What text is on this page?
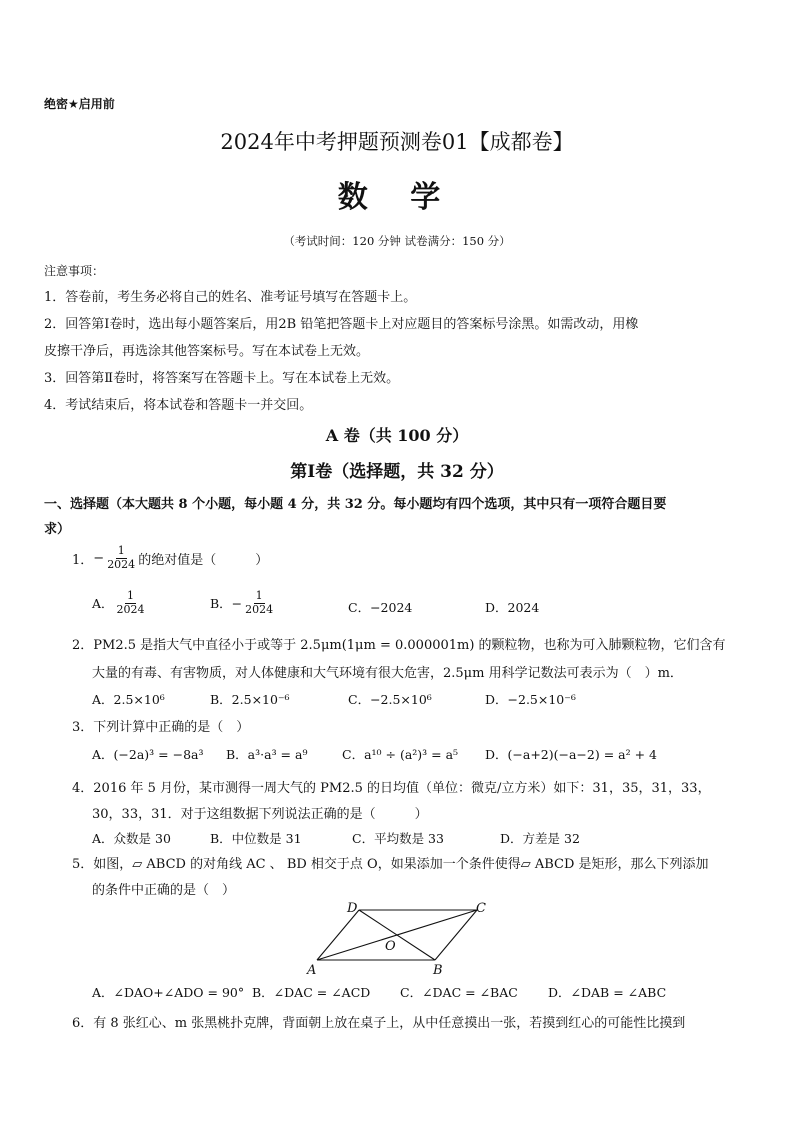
绝密★启用前
2024年中考押题预测卷01【成都卷】
数 学
（考试时间：120 分钟 试卷满分：150 分）
注意事项：
1．答卷前，考生务必将自己的姓名、准考证号填写在答题卡上。
2．回答第Ⅰ卷时，选出每小题答案后，用2B 铅笔把答题卡上对应题目的答案标号涂黑。如需改动，用橡
皮擦干净后，再选涂其他答案标号。写在本试卷上无效。
3．回答第Ⅱ卷时，将答案写在答题卡上。写在本试卷上无效。
4．考试结束后，将本试卷和答题卡一并交回。
A 卷（共 100 分）
第Ⅰ卷（选择题，共 32 分）
一、选择题（本大题共 8 个小题，每小题 4 分，共 32 分。每小题均有四个选项，其中只有一项符合题目要
求）
1． − $\frac{1}{2024}$ 的绝对值是（　　　）
A． $\frac{1}{2024}$	B．− $\frac{1}{2024}$	C．−2024	D．2024
2．PM2.5 是指大气中直径小于或等于 2.5μm(1μm = 0.000001m) 的颗粒物，也称为可入肺颗粒物，它们含有
大量的有毒、有害物质，对人体健康和大气环境有很大危害，2.5μm 用科学记数法可表示为（　）m．
A．2.5×10⁶	B．2.5×10⁻⁶	C．−2.5×10⁶	D．−2.5×10⁻⁶
3．下列计算中正确的是（　）
A．(−2a)³ = −8a³ B．a³·a³ = a⁹	C．a¹⁰ ÷ (a²)³ = a⁵ D．(−a+2)(−a−2) = a² + 4
4．2016 年 5 月份，某市测得一周大气的 PM2.5 的日均值（单位：微克/立方米）如下：31，35，31，33，
30，33，31．对于这组数据下列说法正确的是（　　　）
A．众数是 30	B．中位数是 31	C．平均数是 33	D．方差是 32
5．如图，▱ ABCD 的对角线 AC 、 BD 相交于点 O，如果添加一个条件使得▱ ABCD 是矩形，那么下列添加
的条件中正确的是（　）
A	B
C
D
O
A．∠DAO+∠ADO = 90° B．∠DAC = ∠ACD C．∠DAC = ∠BAC D．∠DAB = ∠ABC
6．有 8 张红心、m 张黑桃扑克牌，背面朝上放在桌子上，从中任意摸出一张，若摸到红心的可能性比摸到
